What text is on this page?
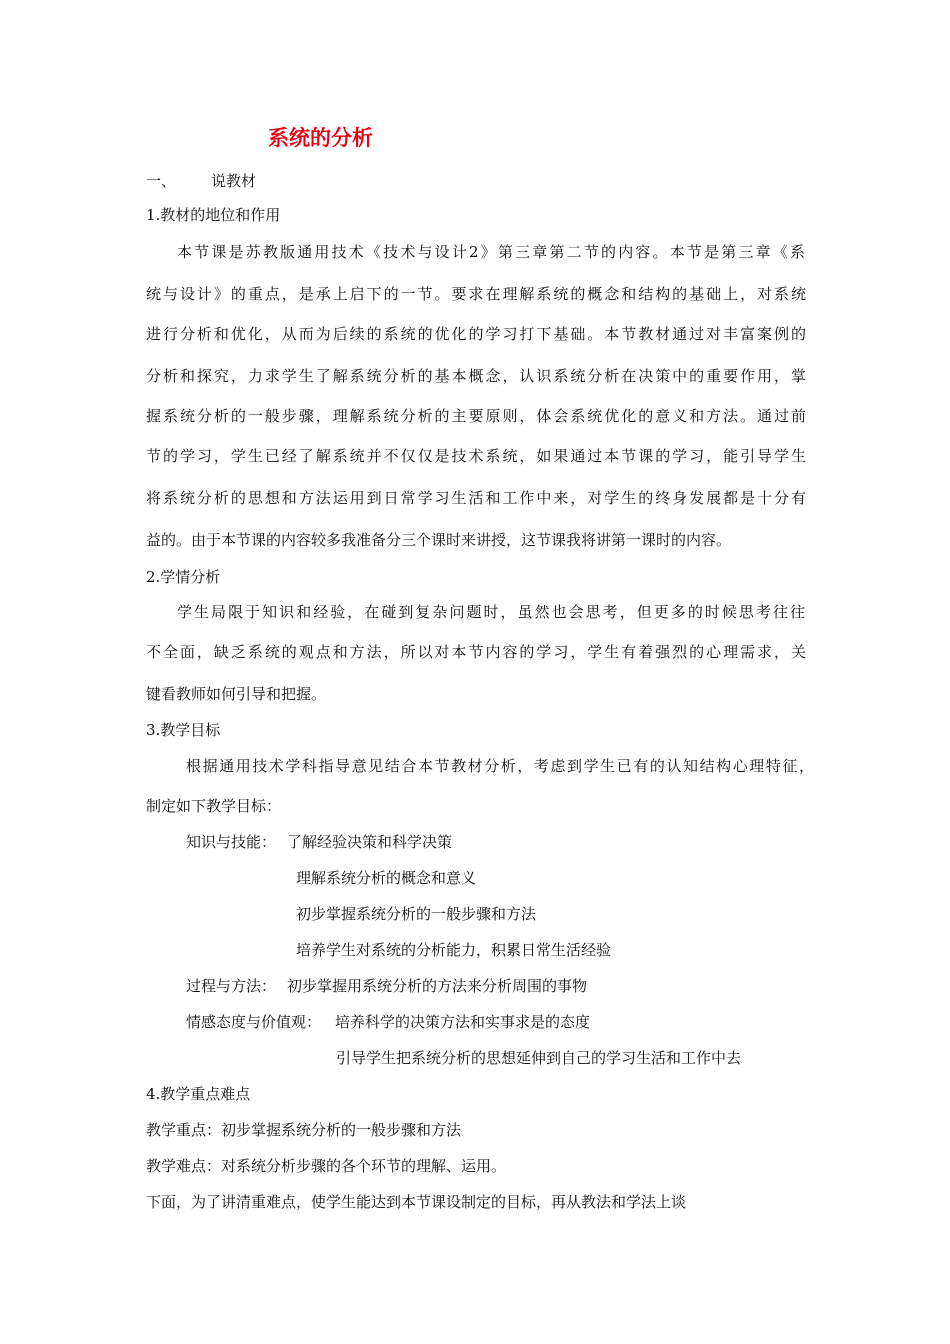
系统的分析
一、 说教材
1.教材的地位和作用
本节课是苏教版通用技术《技术与设计2》第三章第二节的内容。本节是第三章《系
统与设计》的重点，是承上启下的一节。要求在理解系统的概念和结构的基础上，对系统
进行分析和优化，从而为后续的系统的优化的学习打下基础。本节教材通过对丰富案例的
分析和探究，力求学生了解系统分析的基本概念，认识系统分析在决策中的重要作用，掌
握系统分析的一般步骤，理解系统分析的主要原则，体会系统优化的意义和方法。通过前
节的学习，学生已经了解系统并不仅仅是技术系统，如果通过本节课的学习，能引导学生
将系统分析的思想和方法运用到日常学习生活和工作中来，对学生的终身发展都是十分有
益的。由于本节课的内容较多我准备分三个课时来讲授，这节课我将讲第一课时的内容。
2.学情分析
学生局限于知识和经验，在碰到复杂问题时，虽然也会思考，但更多的时候思考往往
不全面，缺乏系统的观点和方法，所以对本节内容的学习，学生有着强烈的心理需求，关
键看教师如何引导和把握。
3.教学目标
根据通用技术学科指导意见结合本节教材分析，考虑到学生已有的认知结构心理特征，
制定如下教学目标：
知识与技能： 了解经验决策和科学决策
理解系统分析的概念和意义
初步掌握系统分析的一般步骤和方法
培养学生对系统的分析能力，积累日常生活经验
过程与方法： 初步掌握用系统分析的方法来分析周围的事物
情感态度与价值观： 培养科学的决策方法和实事求是的态度
引导学生把系统分析的思想延伸到自己的学习生活和工作中去
4.教学重点难点
教学重点：初步掌握系统分析的一般步骤和方法
教学难点：对系统分析步骤的各个环节的理解、运用。
下面，为了讲清重难点，使学生能达到本节课设制定的目标，再从教法和学法上谈
